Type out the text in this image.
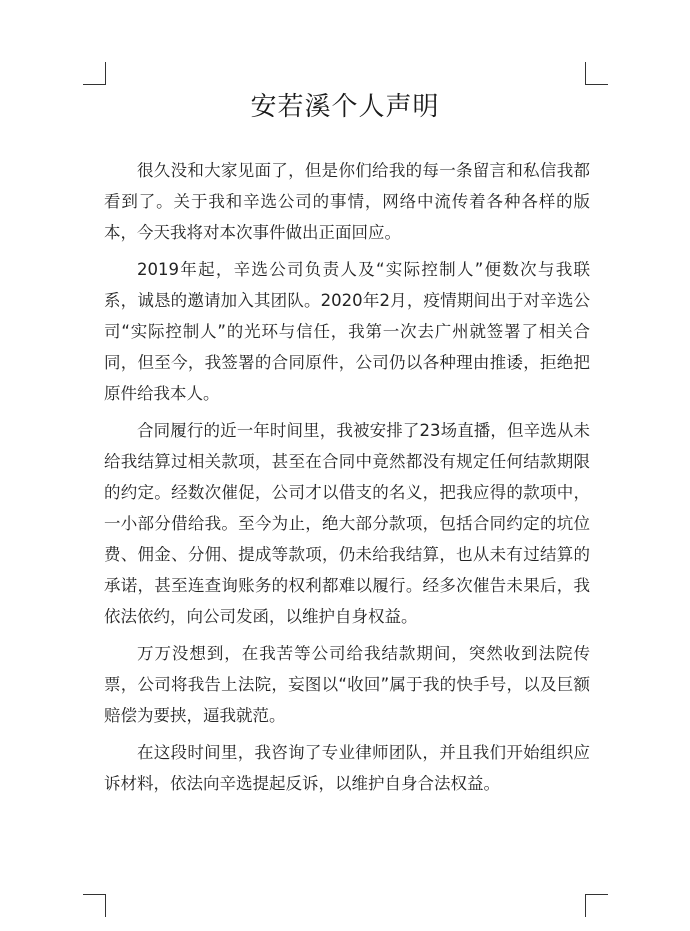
安若溪个人声明

很久没和大家见面了，但是你们给我的每一条留言和私信我都看到了。关于我和辛选公司的事情，网络中流传着各种各样的版本，今天我将对本次事件做出正面回应。

2019年起，辛选公司负责人及“实际控制人”便数次与我联系，诚恳的邀请加入其团队。2020年2月，疫情期间出于对辛选公司“实际控制人”的光环与信任，我第一次去广州就签署了相关合同，但至今，我签署的合同原件，公司仍以各种理由推诿，拒绝把原件给我本人。

合同履行的近一年时间里，我被安排了23场直播，但辛选从未给我结算过相关款项，甚至在合同中竟然都没有规定任何结款期限的约定。经数次催促，公司才以借支的名义，把我应得的款项中，一小部分借给我。至今为止，绝大部分款项，包括合同约定的坑位费、佣金、分佣、提成等款项，仍未给我结算，也从未有过结算的承诺，甚至连查询账务的权利都难以履行。经多次催告未果后，我依法依约，向公司发函，以维护自身权益。

万万没想到，在我苦等公司给我结款期间，突然收到法院传票，公司将我告上法院，妄图以“收回”属于我的快手号，以及巨额赔偿为要挟，逼我就范。

在这段时间里，我咨询了专业律师团队，并且我们开始组织应诉材料，依法向辛选提起反诉，以维护自身合法权益。
